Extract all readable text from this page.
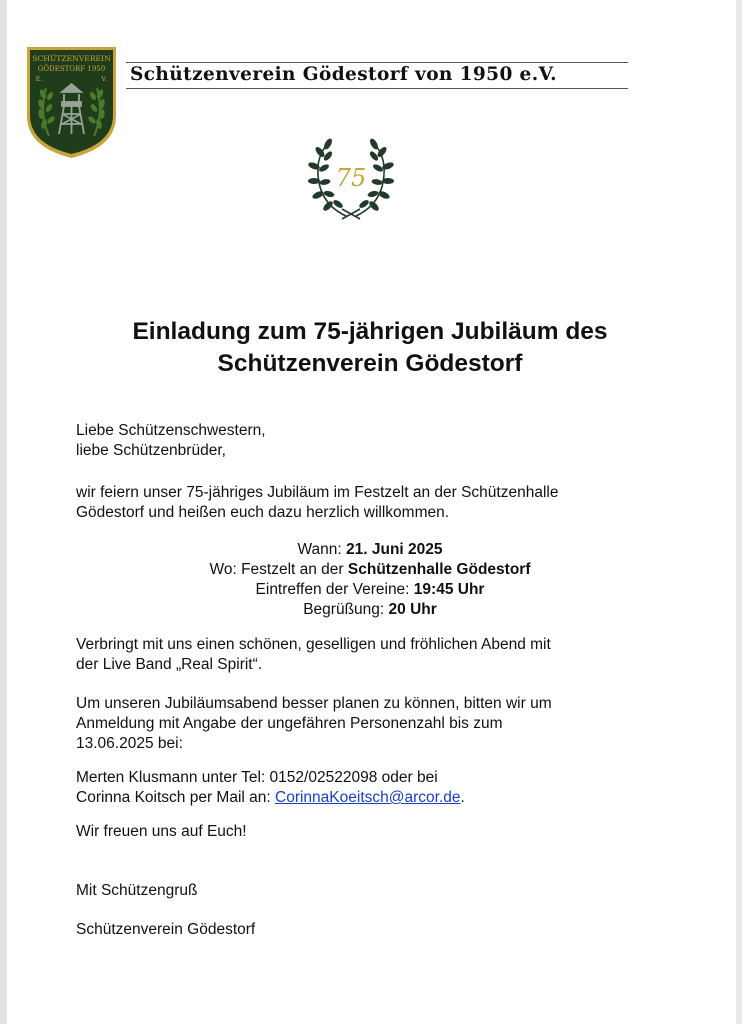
SCHÜTZENVEREIN
GÖDESTORF 1950
E.	V. Schützenverein Gödestorf von 1950 e.V.
75
Einladung zum 75-jährigen Jubiläum des
Schützenverein Gödestorf
Liebe Schützenschwestern,
liebe Schützenbrüder,
wir feiern unser 75-jähriges Jubiläum im Festzelt an der Schützenhalle
Gödestorf und heißen euch dazu herzlich willkommen.
Wann: 21. Juni 2025
Wo: Festzelt an der Schützenhalle Gödestorf
Eintreffen der Vereine: 19:45 Uhr
Begrüßung: 20 Uhr
Verbringt mit uns einen schönen, geselligen und fröhlichen Abend mit
der Live Band „Real Spirit“.
Um unseren Jubiläumsabend besser planen zu können, bitten wir um
Anmeldung mit Angabe der ungefähren Personenzahl bis zum
13.06.2025 bei:
Merten Klusmann unter Tel: 0152/02522098 oder bei
Corinna Koitsch per Mail an: CorinnaKoeitsch@arcor.de.
Wir freuen uns auf Euch!
Mit Schützengruß
Schützenverein Gödestorf
